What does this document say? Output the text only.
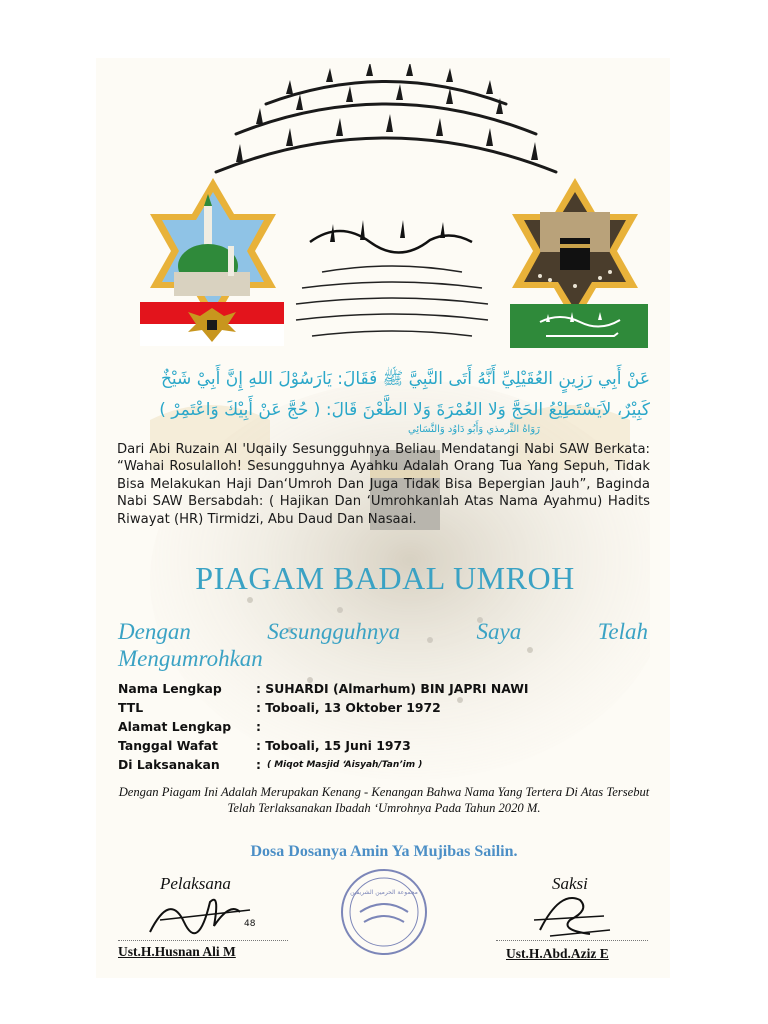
عَنْ أَبِي رَزِينٍ العُقَيْلِيِّ أَنَّهُ أَتَى النَّبِيَّ ﷺ فَقَالَ: يَارَسُوْلَ اللهِ إِنَّ أَبِيْ شَيْخٌ
كَبِيْرٌ، لاَيَسْتَطِيْعُ الحَجَّ وَلا العُمْرَةَ وَلا الظَّعْنَ قَالَ: ( حُجَّ عَنْ أَبِيْكَ وَاعْتَمِرْ )
رَوَاهُ التِّرمذي وَأَبُو دَاوُد وَالنَّسَائِي
Dari Abi Ruzain Al 'Uqaily Sesungguhnya Beliau Mendatangi Nabi SAW Berkata: “Wahai Rosulalloh! Sesungguhnya Ayahku Adalah Orang Tua Yang Sepuh, Tidak Bisa Melakukan Haji Dan‘Umroh Dan Juga Tidak Bisa Bepergian Jauh”, Baginda Nabi SAW Bersabdah: ( Hajikan Dan ‘Umrohkanlah Atas Nama Ayahmu) Hadits Riwayat (HR) Tirmidzi, Abu Daud Dan Nasaai.
PIAGAM BADAL UMROH
Dengan	Sesungguhnya	Saya	Telah
Mengumrohkan
Nama Lengkap	: SUHARDI (Almarhum) BIN JAPRI NAWI
TTL	: Toboali, 13 Oktober 1972
Alamat Lengkap	:
Tanggal Wafat	: Toboali, 15 Juni 1973
Di Laksanakan	: ( Miqot Masjid ‘Aisyah/Tan’im )
Dengan Piagam Ini Adalah Merupakan Kenang - Kenangan Bahwa Nama Yang Tertera Di Atas Tersebut Telah Terlaksanakan Ibadah ‘Umrohnya Pada Tahun 2020 M.
Dosa Dosanya Amin Ya Mujibas Sailin.
Pelaksana	Saksi
48
مجموعة الحرمين الشريفين
Ust.H.Husnan Ali M	Ust.H.Abd.Aziz E
